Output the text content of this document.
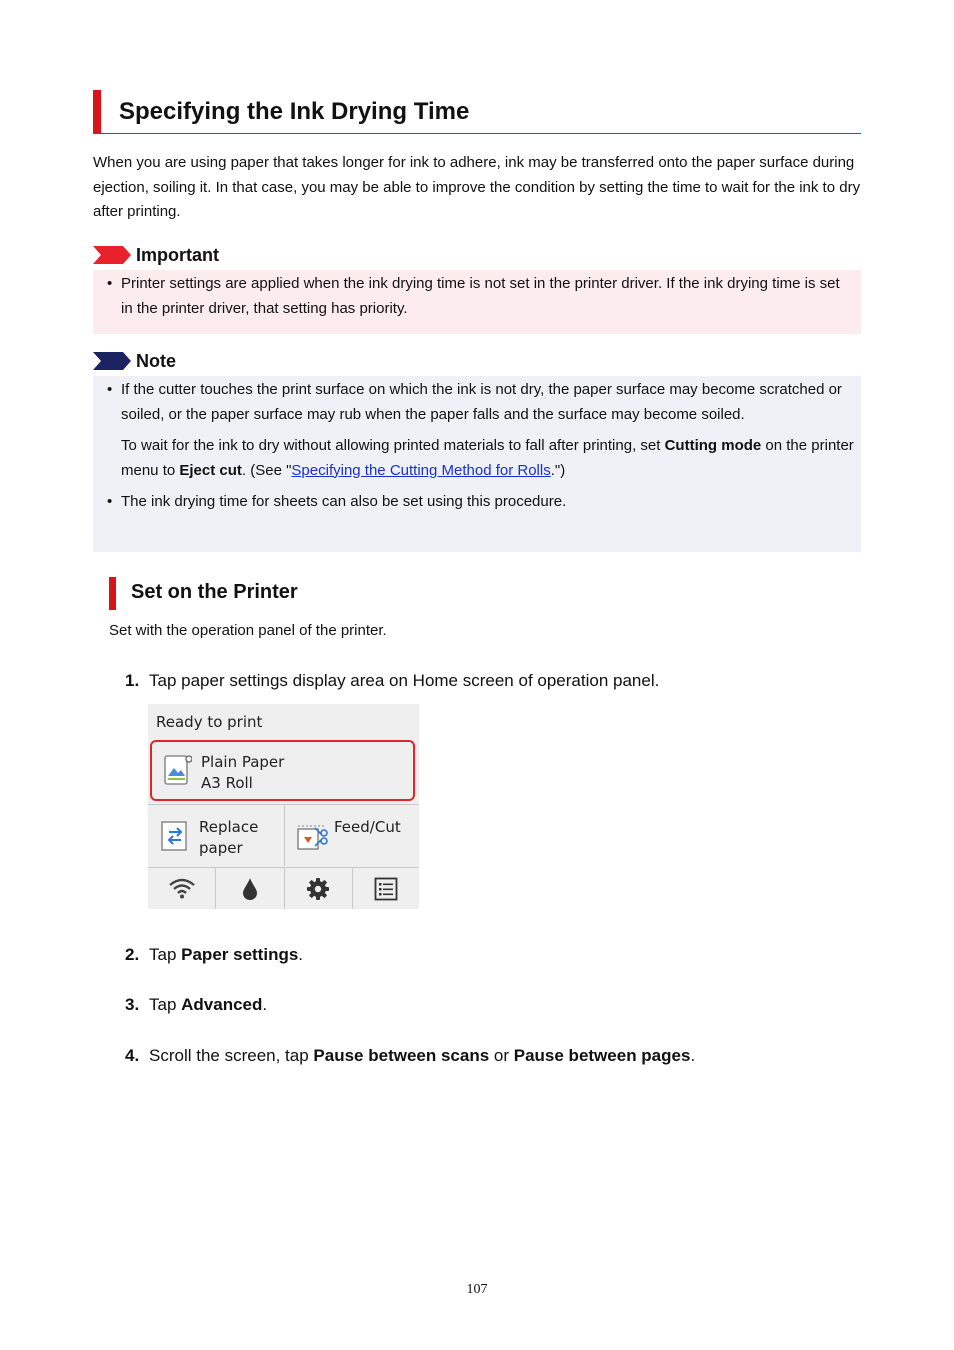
Specifying the Ink Drying Time

When you are using paper that takes longer for ink to adhere, ink may be transferred onto the paper surface during ejection, soiling it. In that case, you may be able to improve the condition by setting the time to wait for the ink to dry after printing.

Important

• Printer settings are applied when the ink drying time is not set in the printer driver. If the ink drying time is set in the printer driver, that setting has priority.

Note

• If the cutter touches the print surface on which the ink is not dry, the paper surface may become scratched or soiled, or the paper surface may rub when the paper falls and the surface may become soiled.

To wait for the ink to dry without allowing printed materials to fall after printing, set Cutting mode on the printer menu to Eject cut. (See "Specifying the Cutting Method for Rolls.")

• The ink drying time for sheets can also be set using this procedure.

Set on the Printer

Set with the operation panel of the printer.

1. Tap paper settings display area on Home screen of operation panel.

Ready to print
Plain Paper
A3 Roll
Replace
paper
Feed/Cut

2. Tap Paper settings.

3. Tap Advanced.

4. Scroll the screen, tap Pause between scans or Pause between pages.

107
